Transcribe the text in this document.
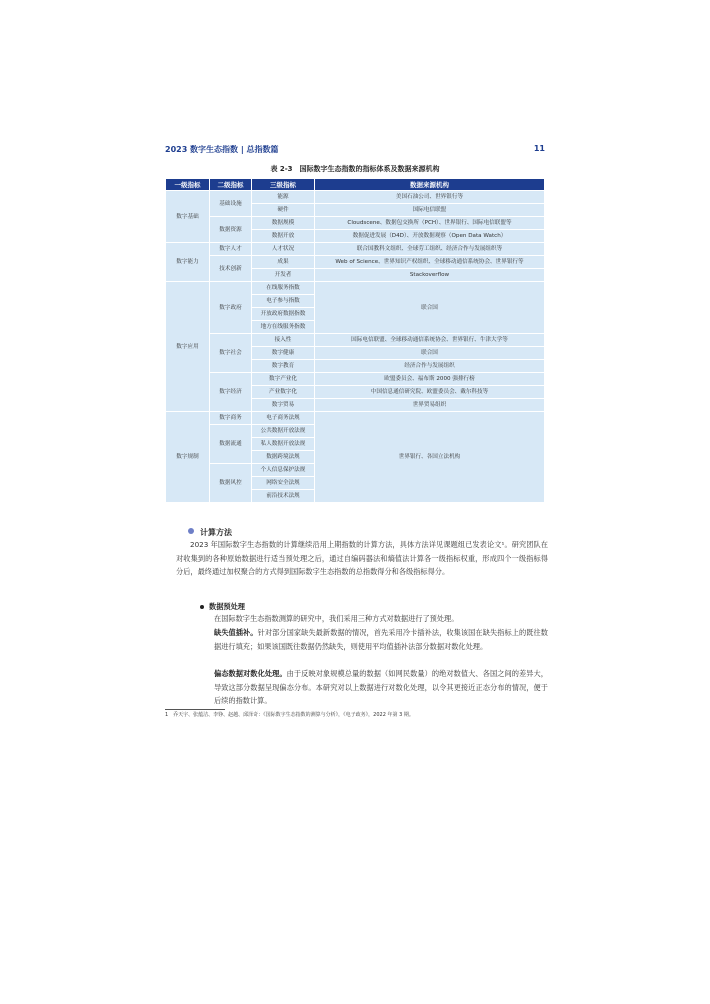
2023 数字生态指数 | 总指数篇	11
表 2-3　国际数字生态指数的指标体系及数据来源机构
一级指标	二级指标	三级指标	数据来源机构
数字基础	基础设施	能源	美国石油公司、世界银行等
		硬件	国际电信联盟
	数据资源	数据规模	Cloudscene、数据包交换所（PCH）、世界银行、国际电信联盟等
		数据开放	数据促进发展（D4D）、开放数据观察（Open Data Watch）
数字能力	数字人才	人才状况	联合国教科文组织、全球劳工组织、经济合作与发展组织等
	技术创新	成果	Web of Science、世界知识产权组织、全球移动通信系统协会、世界银行等
		开发者	Stackoverflow
数字应用	数字政府	在线服务指数	联合国
		电子参与指数	
		开放政府数据指数	
		地方在线服务指数	
	数字社会	接入性	国际电信联盟、全球移动通信系统协会、世界银行、牛津大学等
		数字健康	联合国
		数字教育	经济合作与发展组织
	数字经济	数字产业化	欧盟委员会、福布斯 2000 强排行榜
		产业数字化	中国信息通信研究院、欧盟委员会、戴尔科技等
		数字贸易	世界贸易组织
数字规制	数字商务	电子商务法规	世界银行、各国立法机构
	数据流通	公共数据开放法规	
		私人数据开放法规	
		数据跨境法规	
	数据风控	个人信息保护法规	
		网络安全法规	
		前沿技术法规	
计算方法
2023 年国际数字生态指数的计算继续沿用上期指数的计算方法，具体方法详见课题组已发表论文¹。研究团队在对收集到的各种原始数据进行适当预处理之后，通过自编码器法和熵值法计算各一级指标权重，形成四个一级指标得分后，最终通过加权聚合的方式得到国际数字生态指数的总指数得分和各级指标得分。
数据预处理
在国际数字生态指数测算的研究中，我们采用三种方式对数据进行了预处理。
缺失值插补。针对部分国家缺失最新数据的情况，首先采用冷卡插补法，收集该国在缺失指标上的既往数据进行填充；如果该国既往数据仍然缺失，则使用平均值插补法部分数据对数化处理。
偏态数据对数化处理。由于反映对象规模总量的数据（如网民数量）的绝对数值大、各国之间的差异大，导致这部分数据呈现偏态分布。本研究对以上数据进行对数化处理，以令其更接近正态分布的情况，便于后续的指数计算。
1　乔天宇、张蕴洁、李铮、赵越、邱泽奇：《国际数字生态指数的测算与分析》，《电子政务》，2022 年第 3 期。
